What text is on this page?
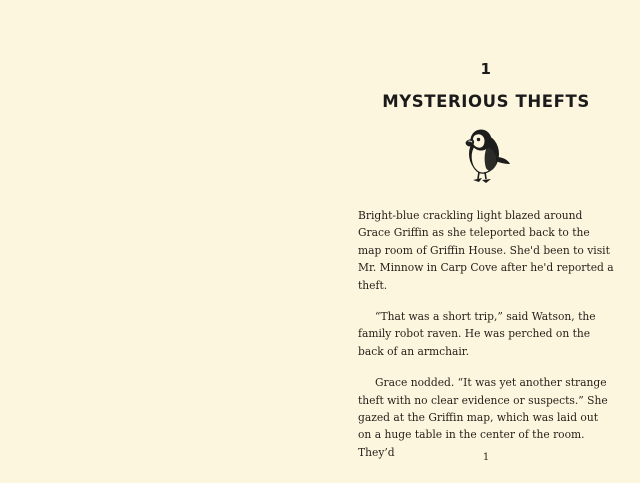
1
MYSTERIOUS THEFTS

Bright-blue crackling light blazed around Grace Griffin as she teleported back to the map room of Griffin House. She'd been to visit Mr. Minnow in Carp Cove after he'd reported a theft.

“That was a short trip,” said Watson, the family robot raven. He was perched on the back of an armchair.

Grace nodded. “It was yet another strange theft with no clear evidence or suspects.” She gazed at the Griffin map, which was laid out on a huge table in the center of the room. They’d	1
